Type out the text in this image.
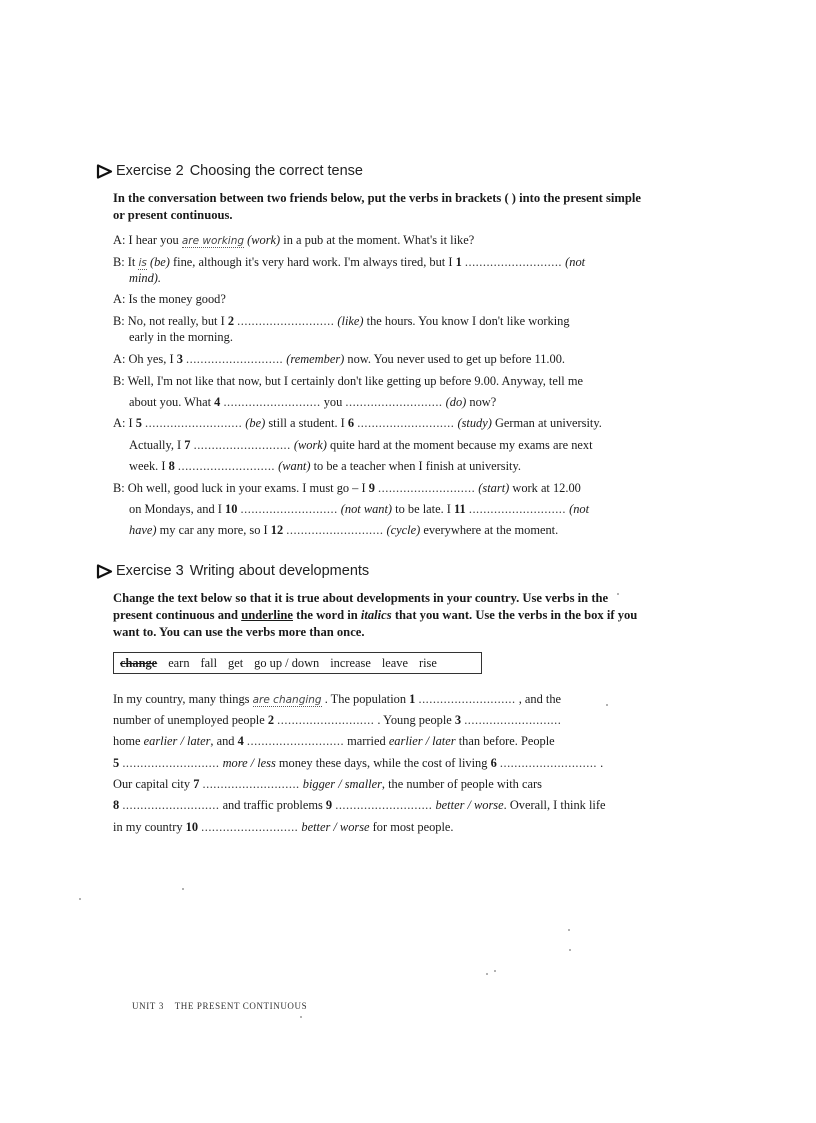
Exercise 2 Choosing the correct tense
In the conversation between two friends below, put the verbs in brackets ( ) into the present simple or present continuous.
A: I hear you are working (work) in a pub at the moment. What's it like?
B: It is (be) fine, although it's very hard work. I'm always tired, but I 1 ........................... (not
mind).
A: Is the money good?
B: No, not really, but I 2 ........................... (like) the hours. You know I don't like working
early in the morning.
A: Oh yes, I 3 ........................... (remember) now. You never used to get up before 11.00.
B: Well, I'm not like that now, but I certainly don't like getting up before 9.00. Anyway, tell me
about you. What 4 ........................... you ........................... (do) now?
A: I 5 ........................... (be) still a student. I 6 ........................... (study) German at university.
Actually, I 7 ........................... (work) quite hard at the moment because my exams are next
week. I 8 ........................... (want) to be a teacher when I finish at university.
B: Oh well, good luck in your exams. I must go – I 9 ........................... (start) work at 12.00
on Mondays, and I 10 ........................... (not want) to be late. I 11 ........................... (not
have) my car any more, so I 12 ........................... (cycle) everywhere at the moment.
Exercise 3 Writing about developments
Change the text below so that it is true about developments in your country. Use verbs in the present continuous and underline the word in italics that you want. Use the verbs in the box if you want to. You can use the verbs more than once.
change earn fall get go up / down increase leave rise
In my country, many things are changing . The population 1 ........................... , and the
number of unemployed people 2 ........................... . Young people 3 ...........................
home earlier / later, and 4 ........................... married earlier / later than before. People
5 ........................... more / less money these days, while the cost of living 6 ........................... .
Our capital city 7 ........................... bigger / smaller, the number of people with cars
8 ........................... and traffic problems 9 ........................... better / worse. Overall, I think life
in my country 10 ........................... better / worse for most people.
UNIT 3 THE PRESENT CONTINUOUS
